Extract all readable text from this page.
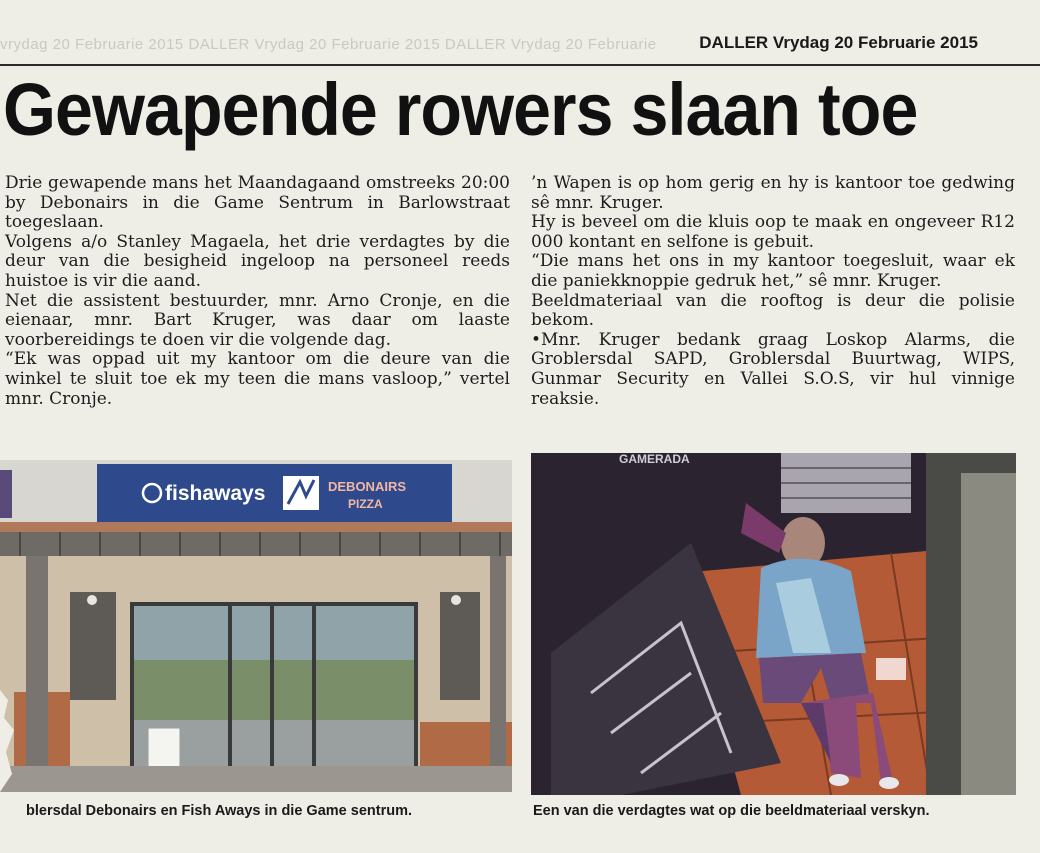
vrydag 20 Februarie 2015 DALLER Vrydag 20 Februarie 2015 DALLER Vrydag 20 Februarie	DALLER Vrydag 20 Februarie 2015
Gewapende rowers slaan toe

Drie gewapende mans het Maandagaand omstreeks 20:00 by Debonairs in die Game Sentrum in Barlowstraat toegeslaan.

Volgens a/o Stanley Magaela, het drie verdagtes by die deur van die besigheid ingeloop na personeel reeds huistoe is vir die aand.

Net die assistent bestuurder, mnr. Arno Cronje, en die eienaar, mnr. Bart Kruger, was daar om laaste voorbereidings te doen vir die volgende dag.

“Ek was oppad uit my kantoor om die deure van die winkel te sluit toe ek my teen die mans vasloop,” vertel mnr. Cronje.

’n Wapen is op hom gerig en hy is kantoor toe gedwing sê mnr. Kruger.

Hy is beveel om die kluis oop te maak en ongeveer R12 000 kontant en selfone is gebuit.

“Die mans het ons in my kantoor toegesluit, waar ek die paniekknoppie gedruk het,” sê mnr. Kruger.

Beeldmateriaal van die rooftog is deur die polisie bekom.

•Mnr. Kruger bedank graag Loskop Alarms, die Groblersdal SAPD, Groblersdal Buurtwag, WIPS, Gunmar Security en Vallei S.O.S, vir hul vinnige reaksie.

fishaways	DEBONAIRS
PIZZA
blersdal Debonairs en Fish Aways in die Game sentrum.
GAMERADA
Een van die verdagtes wat op die beeldmateriaal verskyn.
